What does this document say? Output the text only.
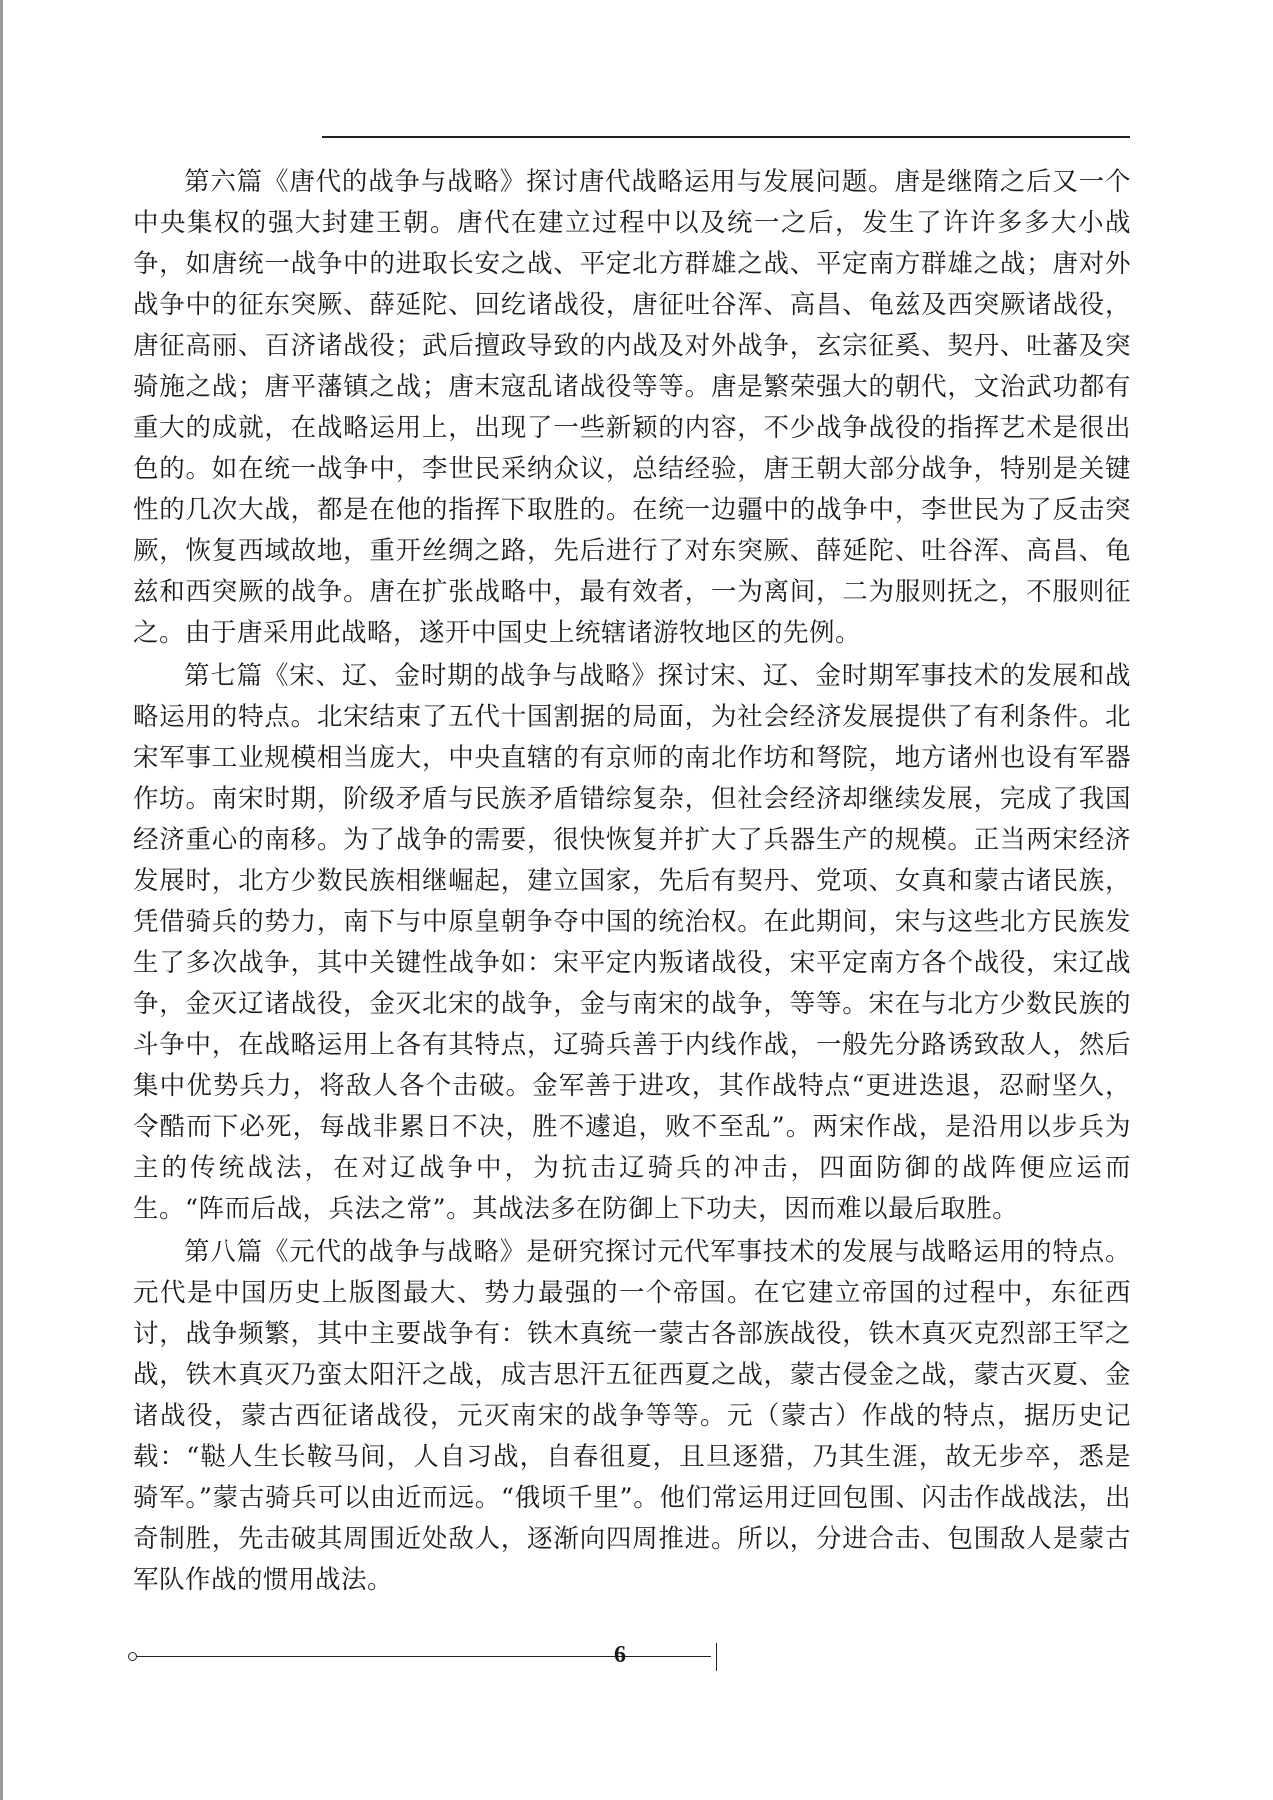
第六篇《唐代的战争与战略》探讨唐代战略运用与发展问题。唐是继隋之后又一个中央集权的强大封建王朝。唐代在建立过程中以及统一之后，发生了许许多多大小战争，如唐统一战争中的进取长安之战、平定北方群雄之战、平定南方群雄之战；唐对外战争中的征东突厥、薛延陀、回纥诸战役，唐征吐谷浑、高昌、龟兹及西突厥诸战役，唐征高丽、百济诸战役；武后擅政导致的内战及对外战争，玄宗征奚、契丹、吐蕃及突骑施之战；唐平藩镇之战；唐末寇乱诸战役等等。唐是繁荣强大的朝代，文治武功都有重大的成就，在战略运用上，出现了一些新颖的内容，不少战争战役的指挥艺术是很出色的。如在统一战争中，李世民采纳众议，总结经验，唐王朝大部分战争，特别是关键性的几次大战，都是在他的指挥下取胜的。在统一边疆中的战争中，李世民为了反击突厥，恢复西域故地，重开丝绸之路，先后进行了对东突厥、薛延陀、吐谷浑、高昌、龟兹和西突厥的战争。唐在扩张战略中，最有效者，一为离间，二为服则抚之，不服则征之。由于唐采用此战略，遂开中国史上统辖诸游牧地区的先例。

第七篇《宋、辽、金时期的战争与战略》探讨宋、辽、金时期军事技术的发展和战略运用的特点。北宋结束了五代十国割据的局面，为社会经济发展提供了有利条件。北宋军事工业规模相当庞大，中央直辖的有京师的南北作坊和弩院，地方诸州也设有军器作坊。南宋时期，阶级矛盾与民族矛盾错综复杂，但社会经济却继续发展，完成了我国经济重心的南移。为了战争的需要，很快恢复并扩大了兵器生产的规模。正当两宋经济发展时，北方少数民族相继崛起，建立国家，先后有契丹、党项、女真和蒙古诸民族，凭借骑兵的势力，南下与中原皇朝争夺中国的统治权。在此期间，宋与这些北方民族发生了多次战争，其中关键性战争如：宋平定内叛诸战役，宋平定南方各个战役，宋辽战争，金灭辽诸战役，金灭北宋的战争，金与南宋的战争，等等。宋在与北方少数民族的斗争中，在战略运用上各有其特点，辽骑兵善于内线作战，一般先分路诱致敌人，然后集中优势兵力，将敌人各个击破。金军善于进攻，其作战特点“更进迭退，忍耐坚久，令酷而下必死，每战非累日不决，胜不遽追，败不至乱”。两宋作战，是沿用以步兵为主的传统战法，在对辽战争中，为抗击辽骑兵的冲击，四面防御的战阵便应运而生。“阵而后战，兵法之常”。其战法多在防御上下功夫，因而难以最后取胜。

第八篇《元代的战争与战略》是研究探讨元代军事技术的发展与战略运用的特点。元代是中国历史上版图最大、势力最强的一个帝国。在它建立帝国的过程中，东征西讨，战争频繁，其中主要战争有：铁木真统一蒙古各部族战役，铁木真灭克烈部王罕之战，铁木真灭乃蛮太阳汗之战，成吉思汗五征西夏之战，蒙古侵金之战，蒙古灭夏、金诸战役，蒙古西征诸战役，元灭南宋的战争等等。元（蒙古）作战的特点，据历史记载：“鞑人生长鞍马间，人自习战，自春徂夏，且旦逐猎，乃其生涯，故无步卒，悉是骑军。”蒙古骑兵可以由近而远。“俄顷千里”。他们常运用迂回包围、闪击作战战法，出奇制胜，先击破其周围近处敌人，逐渐向四周推进。所以，分进合击、包围敌人是蒙古军队作战的惯用战法。

6
